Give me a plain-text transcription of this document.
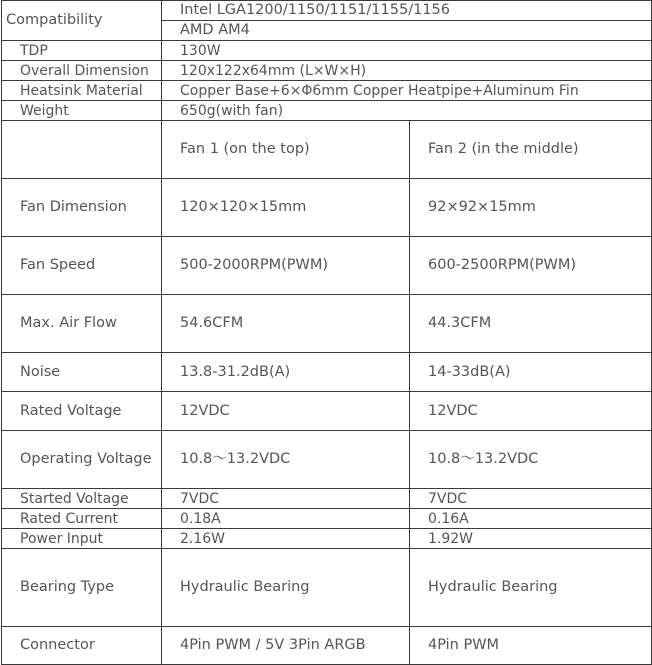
Compatibility	Intel LGA1200/1150/1151/1155/1156
AMD AM4	

TDP	130W	
Overall Dimension	120x122x64mm (L×W×H)	
Heatsink Material	Copper Base+6×Φ6mm Copper Heatpipe+Aluminum Fin	
Weight	650g(with fan)	
	Fan 1 (on the top)	Fan 2 (in the middle)
Fan Dimension	120×120×15mm	92×92×15mm
Fan Speed	500-2000RPM(PWM)	600-2500RPM(PWM)
Max. Air Flow	54.6CFM	44.3CFM
Noise	13.8-31.2dB(A)	14-33dB(A)
Rated Voltage	12VDC	12VDC
Operating Voltage	10.8～13.2VDC	10.8～13.2VDC
Started Voltage	7VDC	7VDC
Rated Current	0.18A	0.16A
Power Input	2.16W	1.92W
Bearing Type	Hydraulic Bearing	Hydraulic Bearing
Connector	4Pin PWM / 5V 3Pin ARGB	4Pin PWM
